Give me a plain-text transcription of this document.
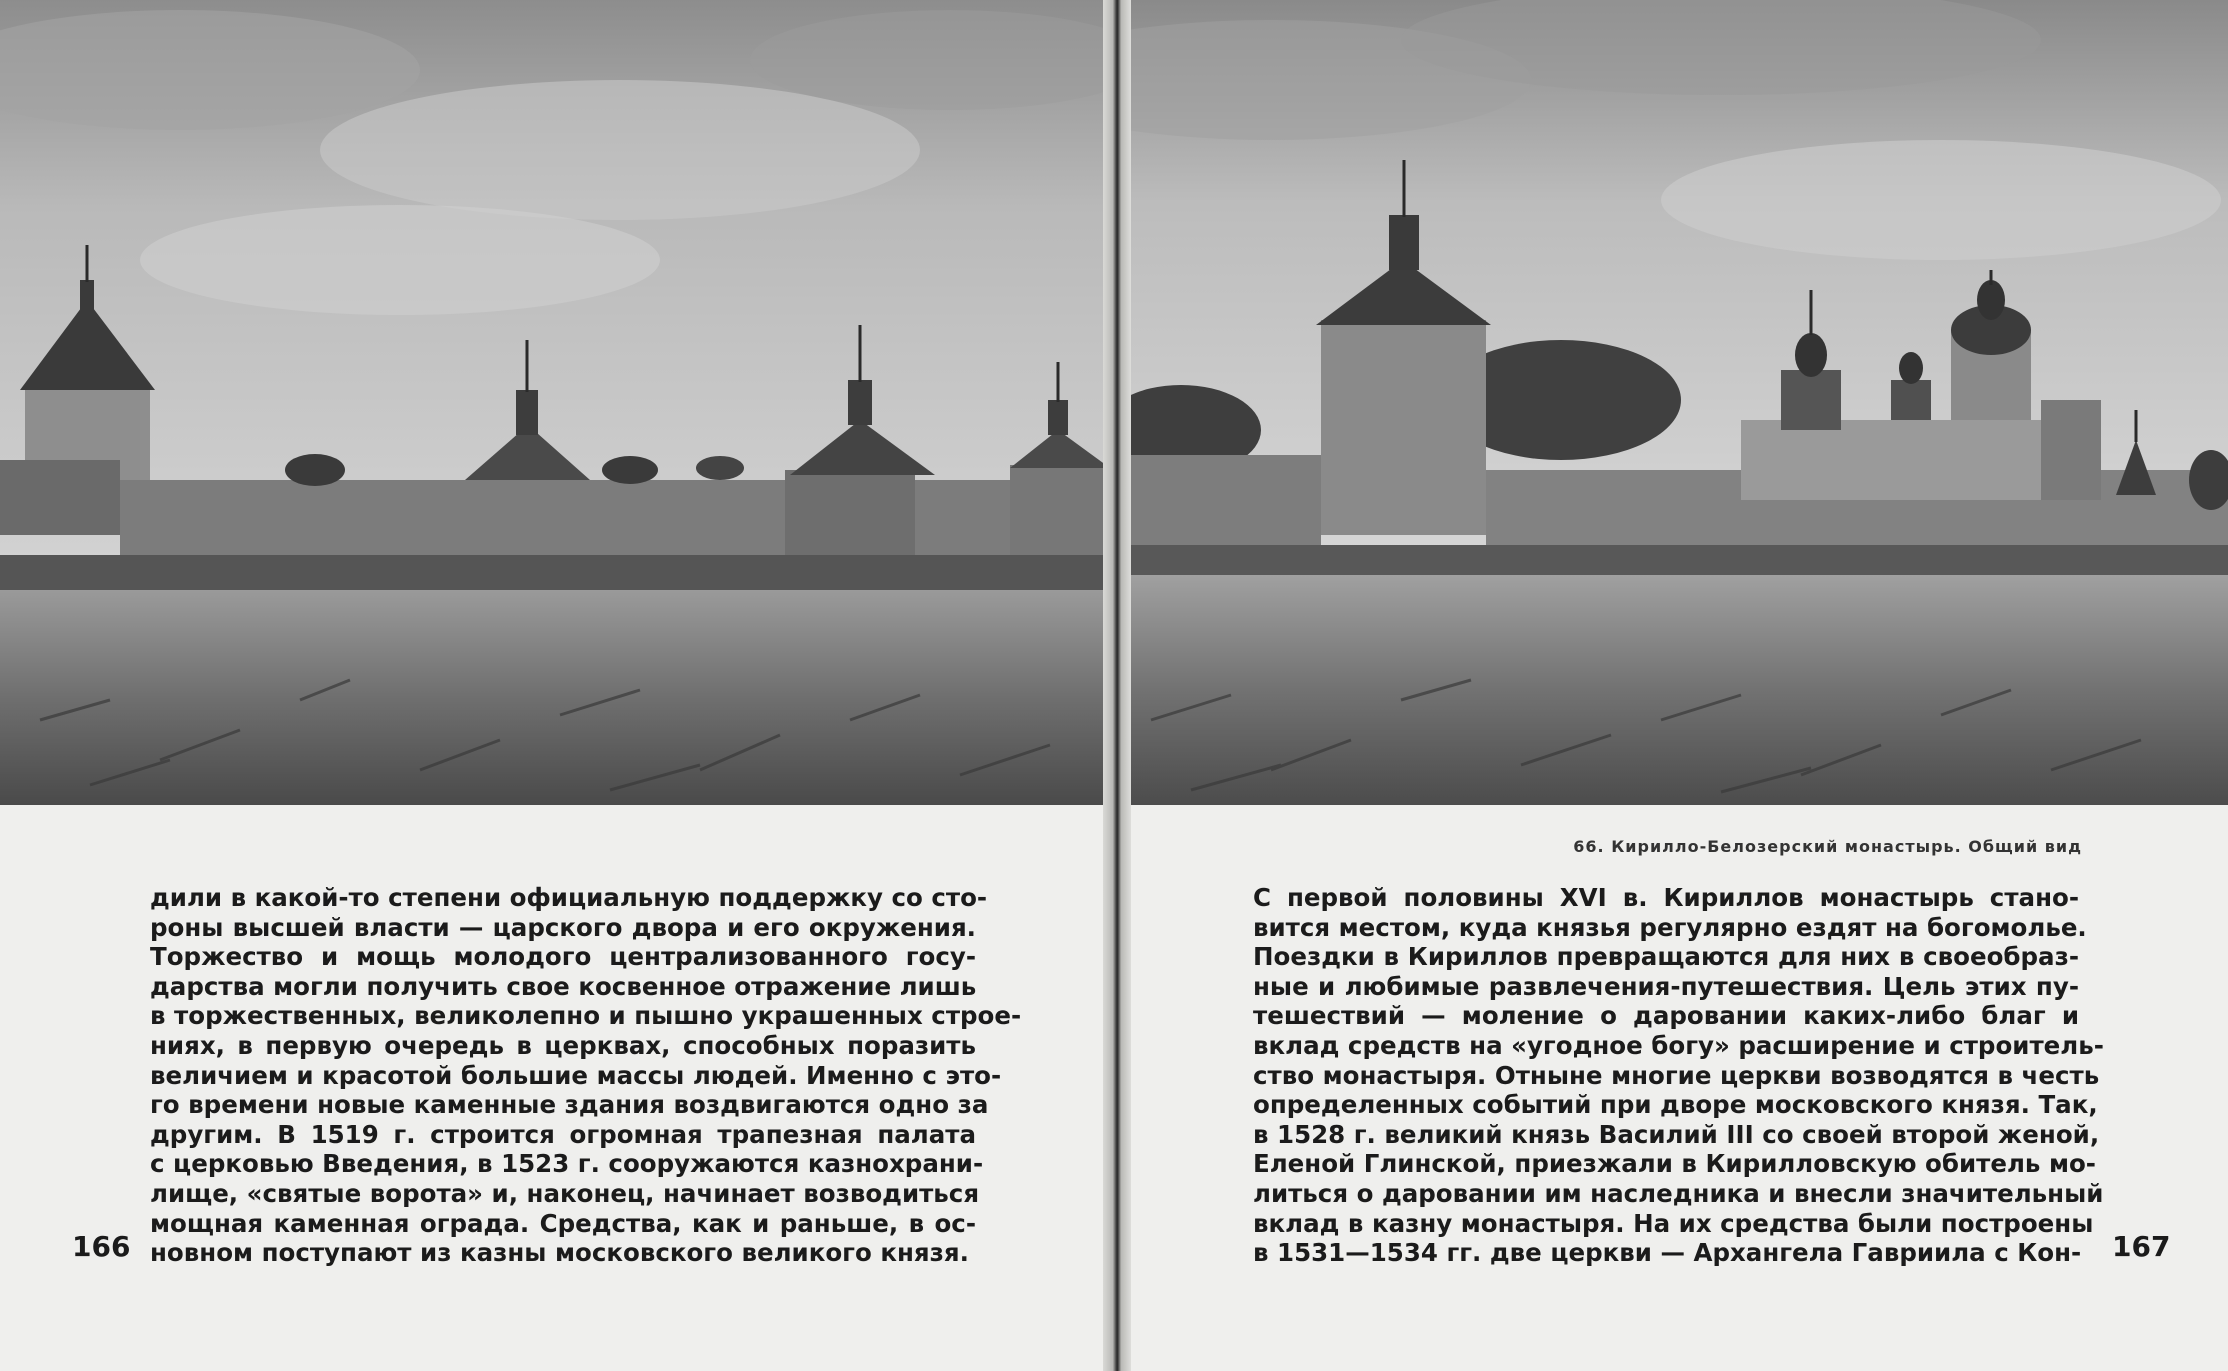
дили в какой-то степени официальную поддержку со сто-
роны высшей власти — царского двора и его окружения.
Торжество и мощь молодого централизованного госу-
дарства могли получить свое косвенное отражение лишь
в торжественных, великолепно и пышно украшенных строе-
ниях, в первую очередь в церквах, способных поразить
величием и красотой большие массы людей. Именно с это-
го времени новые каменные здания воздвигаются одно за
другим. В 1519 г. строится огромная трапезная палата
с церковью Введения, в 1523 г. сооружаются казнохрани-
лище, «святые ворота» и, наконец, начинает возводиться
мощная каменная ограда. Средства, как и раньше, в ос-
новном поступают из казны московского великого князя.
166
66. Кирилло-Белозерский монастырь. Общий вид
С первой половины XVI в. Кириллов монастырь стано-
вится местом, куда князья регулярно ездят на богомолье.
Поездки в Кириллов превращаются для них в своеобраз-
ные и любимые развлечения-путешествия. Цель этих пу-
тешествий — моление о даровании каких-либо благ и
вклад средств на «угодное богу» расширение и строитель-
ство монастыря. Отныне многие церкви возводятся в честь
определенных событий при дворе московского князя. Так,
в 1528 г. великий князь Василий III со своей второй женой,
Еленой Глинской, приезжали в Кирилловскую обитель мо-
литься о даровании им наследника и внесли значительный
вклад в казну монастыря. На их средства были построены
в 1531—1534 гг. две церкви — Архангела Гавриила с Кон- 167
